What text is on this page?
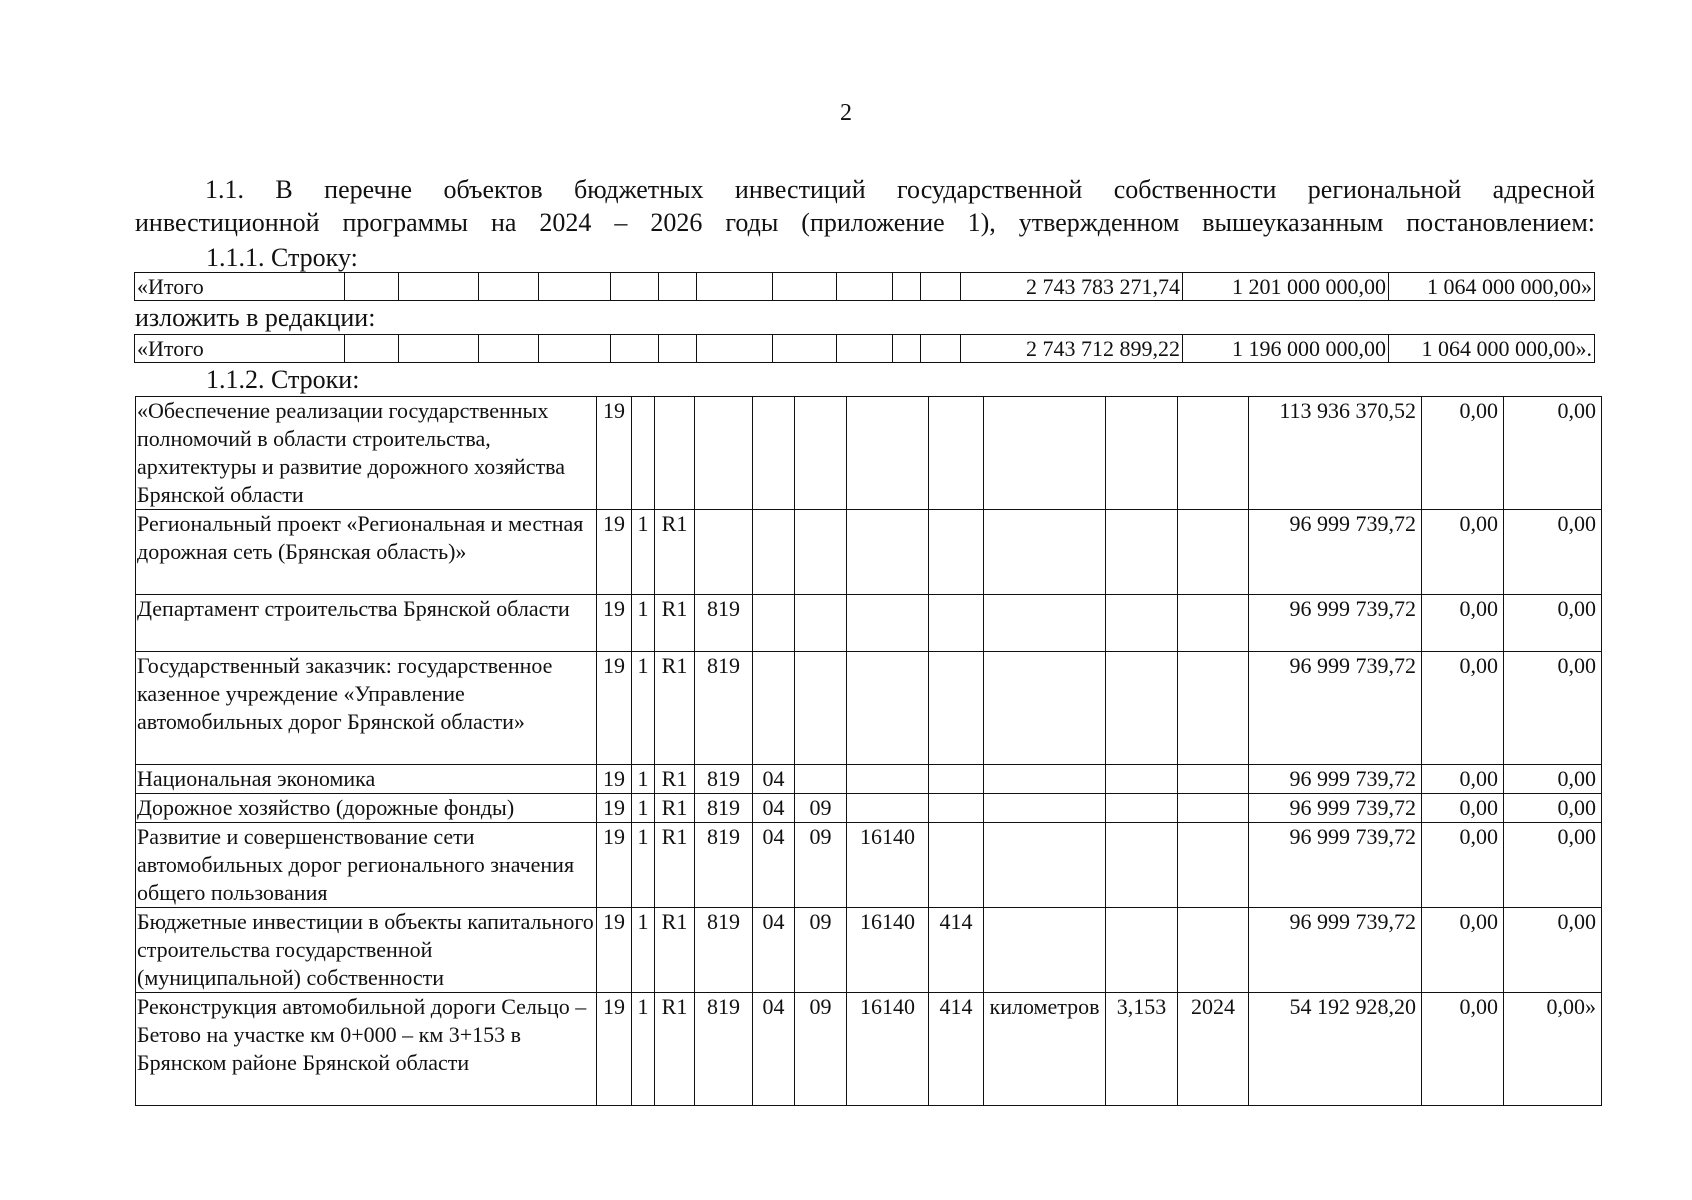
2
1.1. В перечне объектов бюджетных инвестиций государственной собственности региональной адресной
инвестиционной программы на 2024 – 2026 годы (приложение 1), утвержденном вышеуказанным постановлением:
1.1.1. Строку:
«Итого												2 743 783 271,74	1 201 000 000,00	1 064 000 000,00»
изложить в редакции:
«Итого												2 743 712 899,22	1 196 000 000,00	1 064 000 000,00».
1.1.2. Строки:
«Обеспечение реализации государственных полномочий в области строительства, архитектуры и развитие дорожного хозяйства Брянской области	19											113 936 370,52	0,00	0,00
Региональный проект «Региональная и местная дорожная сеть (Брянская область)»	19	1	R1									96 999 739,72	0,00	0,00
Департамент строительства Брянской области	19	1	R1	819								96 999 739,72	0,00	0,00
Государственный заказчик: государственное казенное учреждение «Управление автомобильных дорог Брянской области»	19	1	R1	819								96 999 739,72	0,00	0,00
Национальная экономика	19	1	R1	819	04							96 999 739,72	0,00	0,00
Дорожное хозяйство (дорожные фонды)	19	1	R1	819	04	09						96 999 739,72	0,00	0,00
Развитие и совершенствование сети автомобильных дорог регионального значения общего пользования	19	1	R1	819	04	09	16140					96 999 739,72	0,00	0,00
Бюджетные инвестиции в объекты капитального строительства государственной (муниципальной) собственности	19	1	R1	819	04	09	16140	414				96 999 739,72	0,00	0,00
Реконструкция автомобильной дороги Сельцо – Бетово на участке км 0+000 – км 3+153 в Брянском районе Брянской области	19	1	R1	819	04	09	16140	414	километров	3,153	2024	54 192 928,20	0,00	0,00»
